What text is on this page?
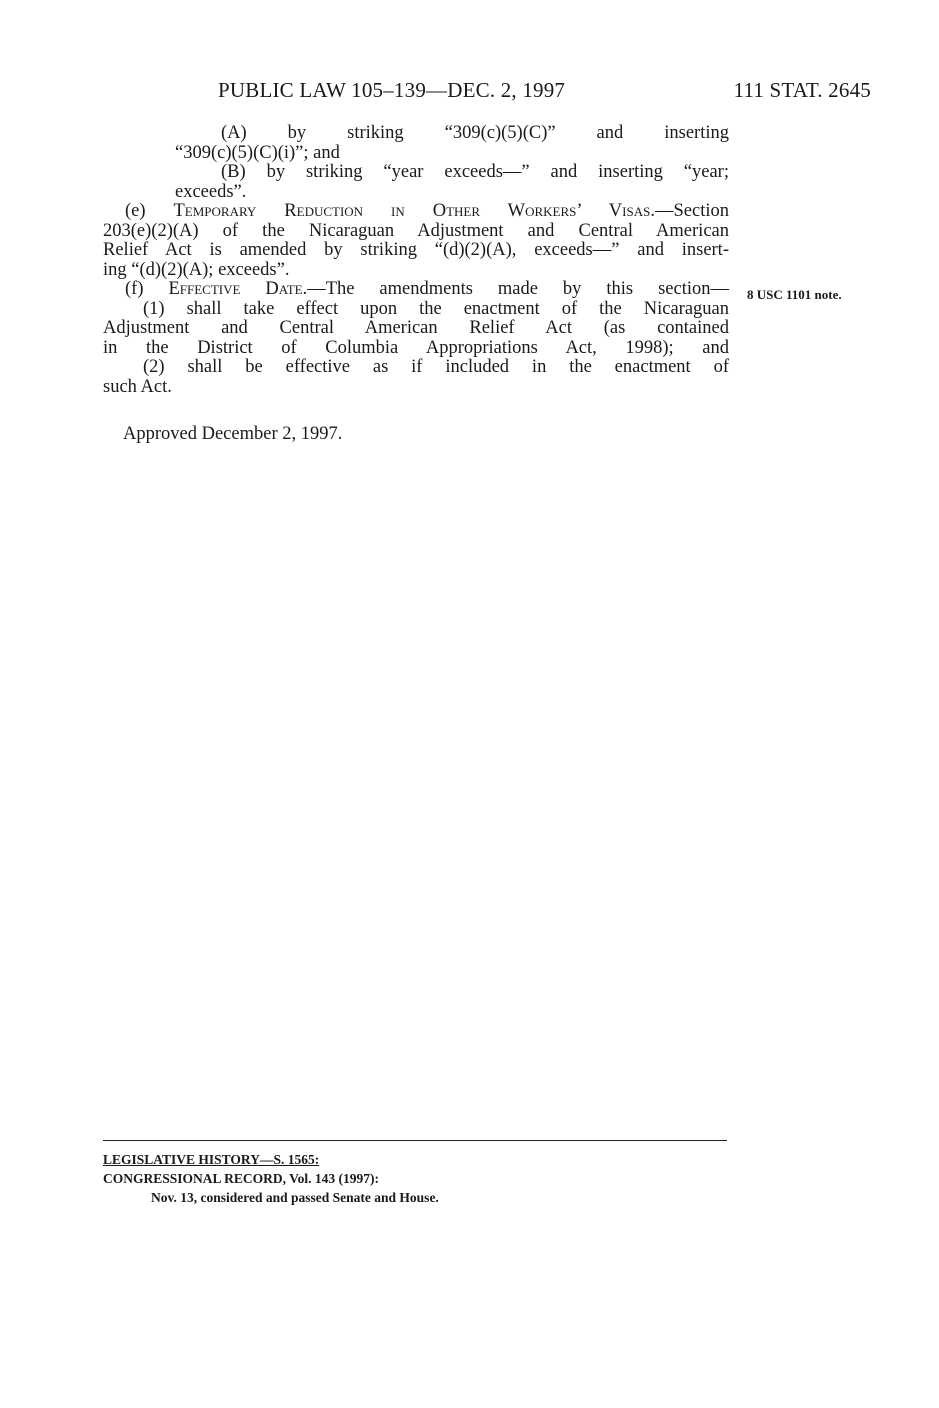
PUBLIC LAW 105–139—DEC. 2, 1997	111 STAT. 2645
(A) by striking “309(c)(5)(C)” and inserting
“309(c)(5)(C)(i)”; and
(B) by striking “year exceeds—” and inserting “year;
exceeds”.
(e) Temporary Reduction in Other Workers’ Visas.—Section
203(e)(2)(A) of the Nicaraguan Adjustment and Central American
Relief Act is amended by striking “(d)(2)(A), exceeds—” and insert-
ing “(d)(2)(A); exceeds”.
(f) Effective Date.—The amendments made by this section—
(1) shall take effect upon the enactment of the Nicaraguan
Adjustment and Central American Relief Act (as contained
in the District of Columbia Appropriations Act, 1998); and
(2) shall be effective as if included in the enactment of
such Act.
8 USC 1101 note.
Approved December 2, 1997.
LEGISLATIVE HISTORY—S. 1565:
CONGRESSIONAL RECORD, Vol. 143 (1997):
Nov. 13, considered and passed Senate and House.
